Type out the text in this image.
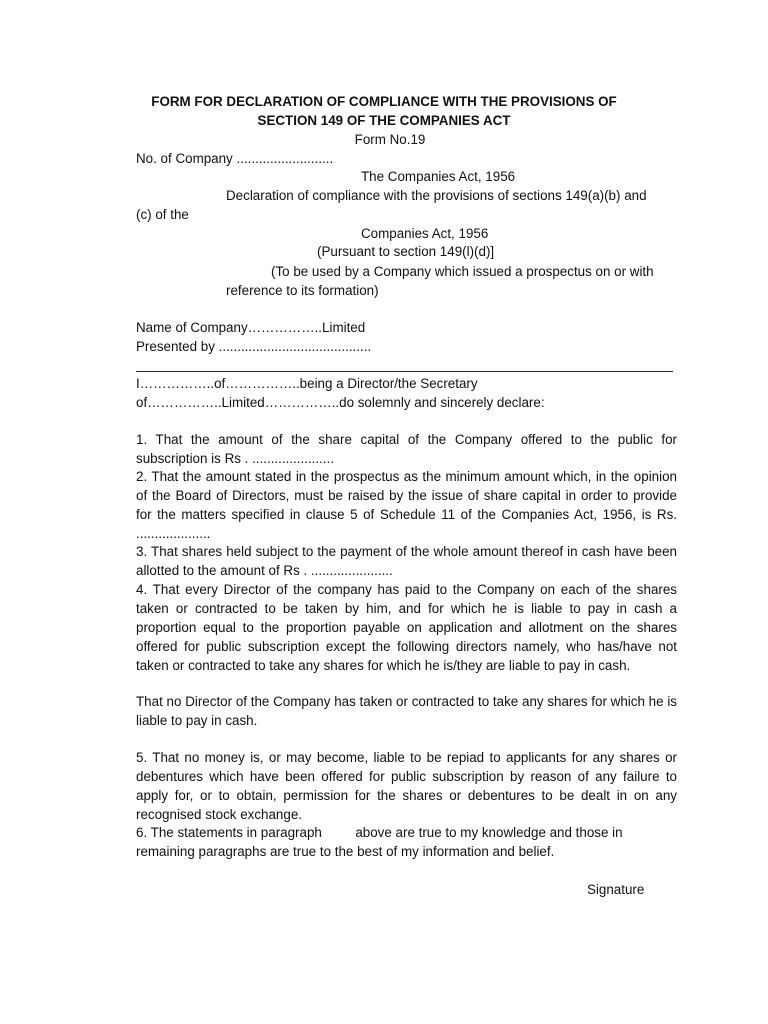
FORM FOR DECLARATION OF COMPLIANCE WITH THE PROVISIONS OF
SECTION 149 OF THE COMPANIES ACT
Form No.19
No. of Company ..........................
The Companies Act, 1956
Declaration of compliance with the provisions of sections 149(a)(b) and
(c) of the
Companies Act, 1956
(Pursuant to section 149(l)(d)]
(To be used by a Company which issued a prospectus on or with
reference to its formation)
Name of Company……………..Limited
Presented by .........................................
I……………..of……………..being a Director/the Secretary
of……………..Limited……………..do solemnly and sincerely declare:
1. That the amount of the share capital of the Company offered to the public for subscription is Rs . ......................
2. That the amount stated in the prospectus as the minimum amount which, in the opinion of the Board of Directors, must be raised by the issue of share capital in order to provide for the matters specified in clause 5 of Schedule 11 of the Companies Act, 1956, is Rs. ....................
3. That shares held subject to the payment of the whole amount thereof in cash have been allotted to the amount of Rs . ......................
4. That every Director of the company has paid to the Company on each of the shares taken or contracted to be taken by him, and for which he is liable to pay in cash a proportion equal to the proportion payable on application and allotment on the shares offered for public subscription except the following directors namely, who has/have not taken or contracted to take any shares for which he is/they are liable to pay in cash.
That no Director of the Company has taken or contracted to take any shares for which he is liable to pay in cash.
5. That no money is, or may become, liable to be repiad to applicants for any shares or debentures which have been offered for public subscription by reason of any failure to apply for, or to obtain, permission for the shares or debentures to be dealt in on any recognised stock exchange.
6. The statements in paragraph         above are true to my knowledge and those in
remaining paragraphs are true to the best of my information and belief.
Signature
